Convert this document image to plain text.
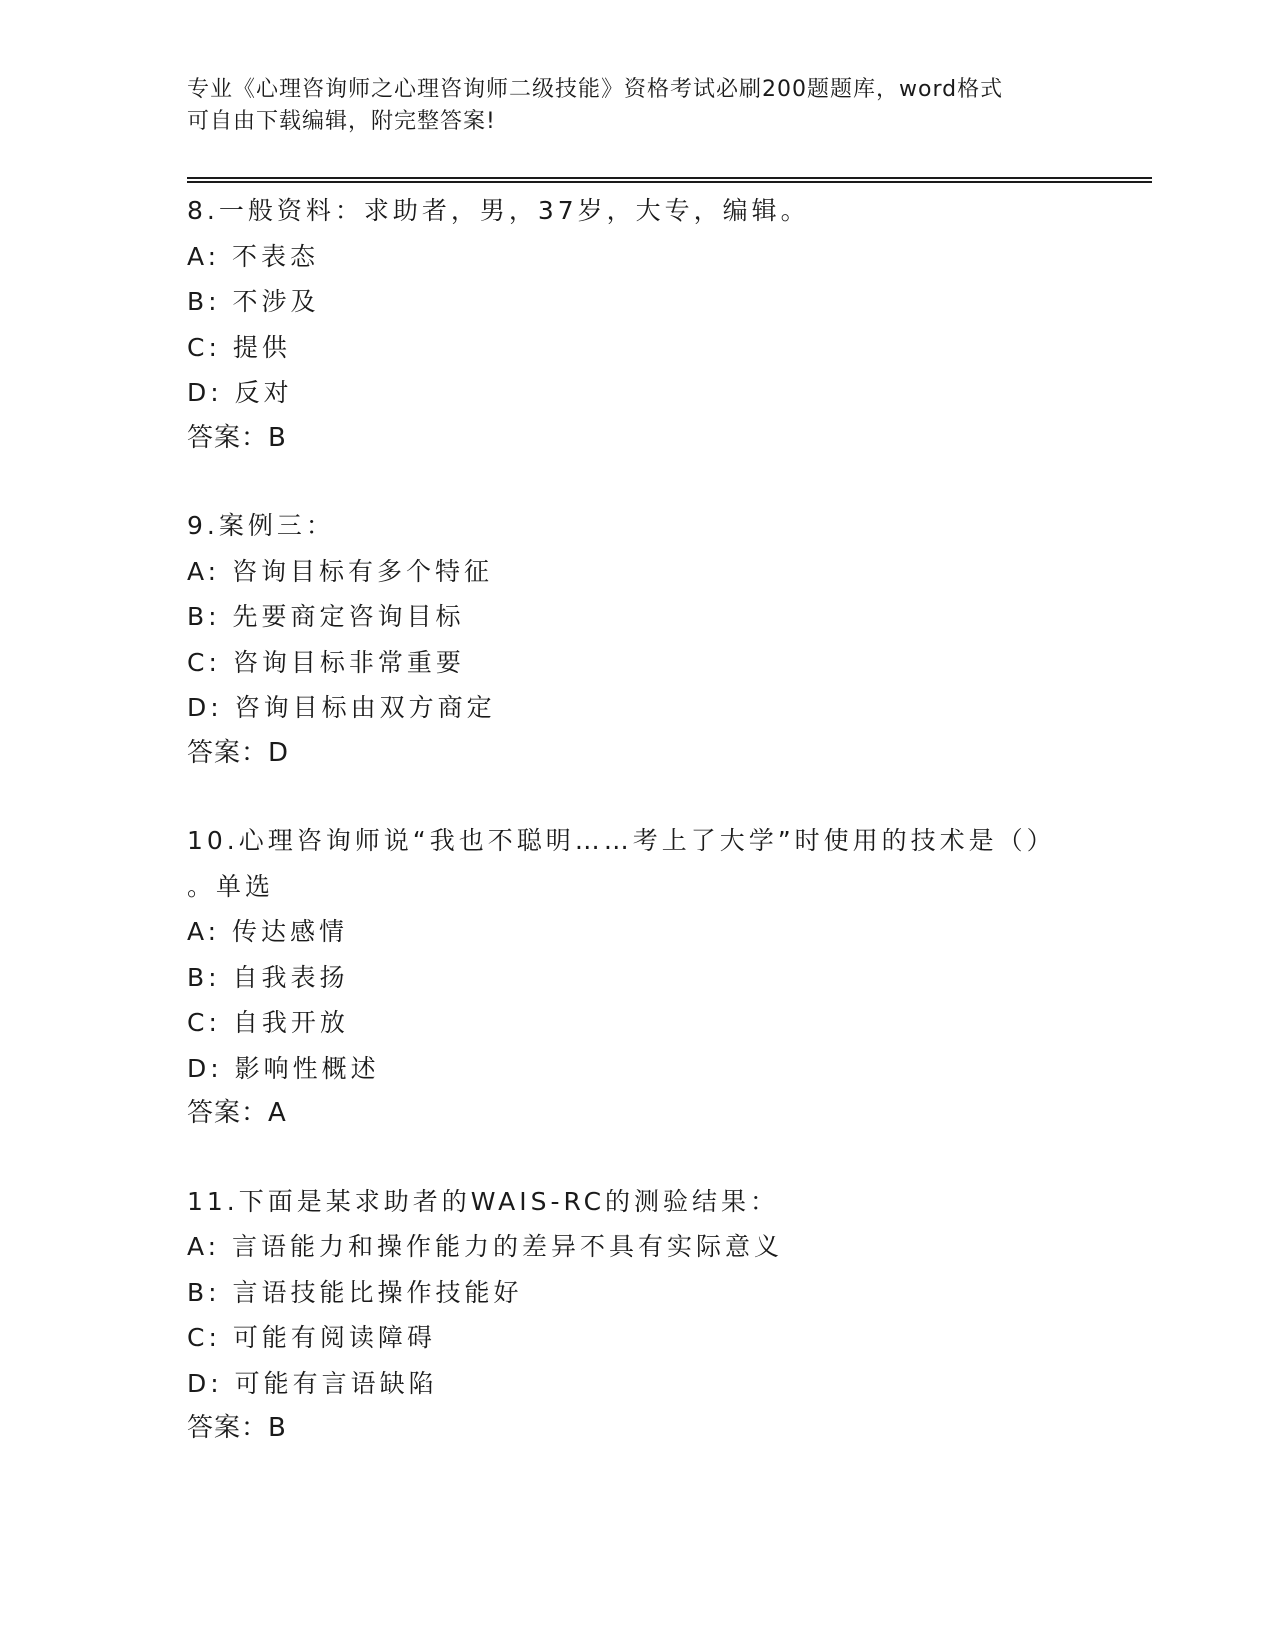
专业《心理咨询师之心理咨询师二级技能》资格考试必刷200题题库，word格式
可自由下载编辑，附完整答案!
8.一般资料：求助者，男，37岁，大专，编辑。
A: 不表态
B: 不涉及
C: 提供
D: 反对
答案：B
9.案例三：
A: 咨询目标有多个特征
B: 先要商定咨询目标
C: 咨询目标非常重要
D: 咨询目标由双方商定
答案：D
10.心理咨询师说“我也不聪明……考上了大学”时使用的技术是（）
。单选
A: 传达感情
B: 自我表扬
C: 自我开放
D: 影响性概述
答案：A
11.下面是某求助者的WAIS-RC的测验结果：
A: 言语能力和操作能力的差异不具有实际意义
B: 言语技能比操作技能好
C: 可能有阅读障碍
D: 可能有言语缺陷
答案：B
